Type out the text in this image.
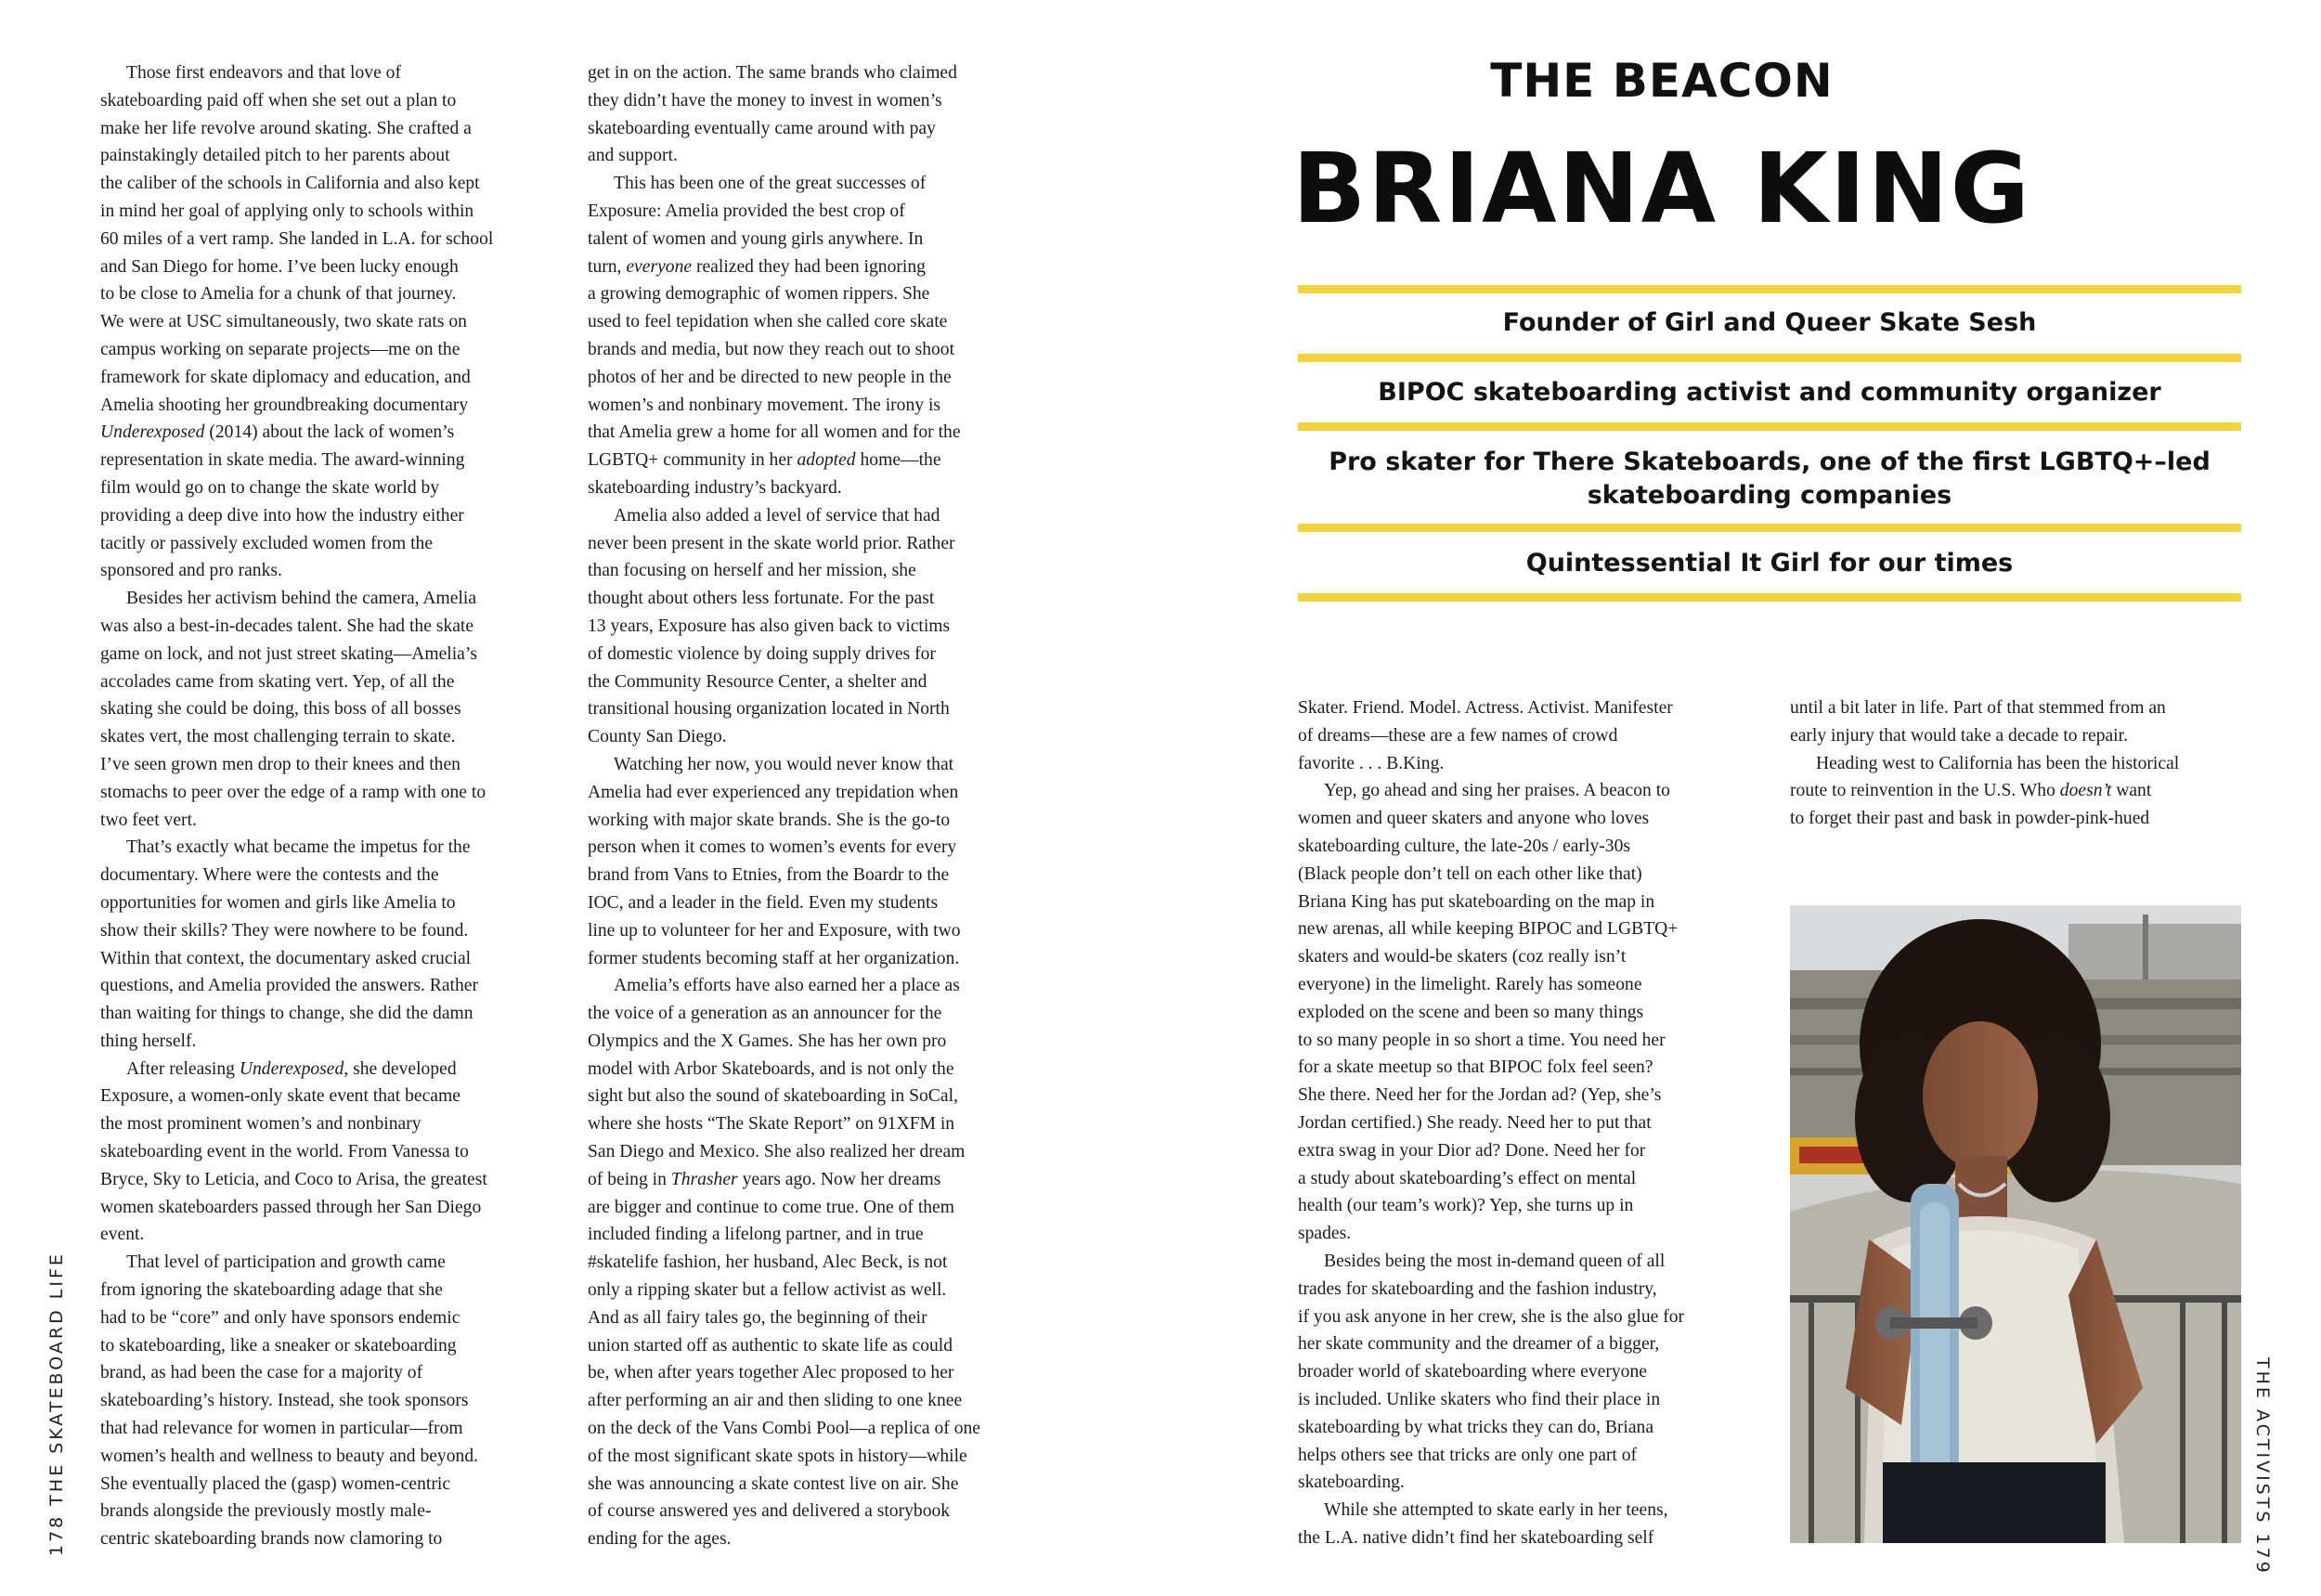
Those first endeavors and that love of
skateboarding paid off when she set out a plan to
make her life revolve around skating. She crafted a
painstakingly detailed pitch to her parents about
the caliber of the schools in California and also kept
in mind her goal of applying only to schools within
60 miles of a vert ramp. She landed in L.A. for school
and San Diego for home. I’ve been lucky enough
to be close to Amelia for a chunk of that journey.
We were at USC simultaneously, two skate rats on
campus working on separate projects—me on the
framework for skate diplomacy and education, and
Amelia shooting her groundbreaking documentary
Underexposed (2014) about the lack of women’s
representation in skate media. The award-winning
film would go on to change the skate world by
providing a deep dive into how the industry either
tacitly or passively excluded women from the
sponsored and pro ranks.

Besides her activism behind the camera, Amelia
was also a best-in-decades talent. She had the skate
game on lock, and not just street skating—Amelia’s
accolades came from skating vert. Yep, of all the
skating she could be doing, this boss of all bosses
skates vert, the most challenging terrain to skate.
I’ve seen grown men drop to their knees and then
stomachs to peer over the edge of a ramp with one to
two feet vert.

That’s exactly what became the impetus for the
documentary. Where were the contests and the
opportunities for women and girls like Amelia to
show their skills? They were nowhere to be found.
Within that context, the documentary asked crucial
questions, and Amelia provided the answers. Rather
than waiting for things to change, she did the damn
thing herself.

After releasing Underexposed, she developed
Exposure, a women-only skate event that became
the most prominent women’s and nonbinary
skateboarding event in the world. From Vanessa to
Bryce, Sky to Leticia, and Coco to Arisa, the greatest
women skateboarders passed through her San Diego
event.

That level of participation and growth came
from ignoring the skateboarding adage that she
had to be “core” and only have sponsors endemic
to skateboarding, like a sneaker or skateboarding
brand, as had been the case for a majority of
skateboarding’s history. Instead, she took sponsors
that had relevance for women in particular—from
women’s health and wellness to beauty and beyond.
She eventually placed the (gasp) women-centric
brands alongside the previously mostly male-
centric skateboarding brands now clamoring to

get in on the action. The same brands who claimed
they didn’t have the money to invest in women’s
skateboarding eventually came around with pay
and support.

This has been one of the great successes of
Exposure: Amelia provided the best crop of
talent of women and young girls anywhere. In
turn, everyone realized they had been ignoring
a growing demographic of women rippers. She
used to feel tepidation when she called core skate
brands and media, but now they reach out to shoot
photos of her and be directed to new people in the
women’s and nonbinary movement. The irony is
that Amelia grew a home for all women and for the
LGBTQ+ community in her adopted home—the
skateboarding industry’s backyard.

Amelia also added a level of service that had
never been present in the skate world prior. Rather
than focusing on herself and her mission, she
thought about others less fortunate. For the past
13 years, Exposure has also given back to victims
of domestic violence by doing supply drives for
the Community Resource Center, a shelter and
transitional housing organization located in North
County San Diego.

Watching her now, you would never know that
Amelia had ever experienced any trepidation when
working with major skate brands. She is the go-to
person when it comes to women’s events for every
brand from Vans to Etnies, from the Boardr to the
IOC, and a leader in the field. Even my students
line up to volunteer for her and Exposure, with two
former students becoming staff at her organization.

Amelia’s efforts have also earned her a place as
the voice of a generation as an announcer for the
Olympics and the X Games. She has her own pro
model with Arbor Skateboards, and is not only the
sight but also the sound of skateboarding in SoCal,
where she hosts “The Skate Report” on 91XFM in
San Diego and Mexico. She also realized her dream
of being in Thrasher years ago. Now her dreams
are bigger and continue to come true. One of them
included finding a lifelong partner, and in true
#skatelife fashion, her husband, Alec Beck, is not
only a ripping skater but a fellow activist as well.
And as all fairy tales go, the beginning of their
union started off as authentic to skate life as could
be, when after years together Alec proposed to her
after performing an air and then sliding to one knee
on the deck of the Vans Combi Pool—a replica of one
of the most significant skate spots in history—while
she was announcing a skate contest live on air. She
of course answered yes and delivered a storybook
ending for the ages.

178 THE SKATEBOARD LIFE
THE BEACON
BRIANA KING
Founder of Girl and Queer Skate Sesh
BIPOC skateboarding activist and community organizer
Pro skater for There Skateboards, one of the first LGBTQ+–led
skateboarding companies
Quintessential It Girl for our times

Skater. Friend. Model. Actress. Activist. Manifester
of dreams—these are a few names of crowd
favorite . . . B.King.

Yep, go ahead and sing her praises. A beacon to
women and queer skaters and anyone who loves
skateboarding culture, the late-20s / early-30s
(Black people don’t tell on each other like that)
Briana King has put skateboarding on the map in
new arenas, all while keeping BIPOC and LGBTQ+
skaters and would-be skaters (coz really isn’t
everyone) in the limelight. Rarely has someone
exploded on the scene and been so many things
to so many people in so short a time. You need her
for a skate meetup so that BIPOC folx feel seen?
She there. Need her for the Jordan ad? (Yep, she’s
Jordan certified.) She ready. Need her to put that
extra swag in your Dior ad? Done. Need her for
a study about skateboarding’s effect on mental
health (our team’s work)? Yep, she turns up in
spades.

Besides being the most in-demand queen of all
trades for skateboarding and the fashion industry,
if you ask anyone in her crew, she is the also glue for
her skate community and the dreamer of a bigger,
broader world of skateboarding where everyone
is included. Unlike skaters who find their place in
skateboarding by what tricks they can do, Briana
helps others see that tricks are only one part of
skateboarding.

While she attempted to skate early in her teens,
the L.A. native didn’t find her skateboarding self

until a bit later in life. Part of that stemmed from an
early injury that would take a decade to repair.

Heading west to California has been the historical
route to reinvention in the U.S. Who doesn’t want
to forget their past and bask in powder-pink-hued

THE ACTIVISTS 179
